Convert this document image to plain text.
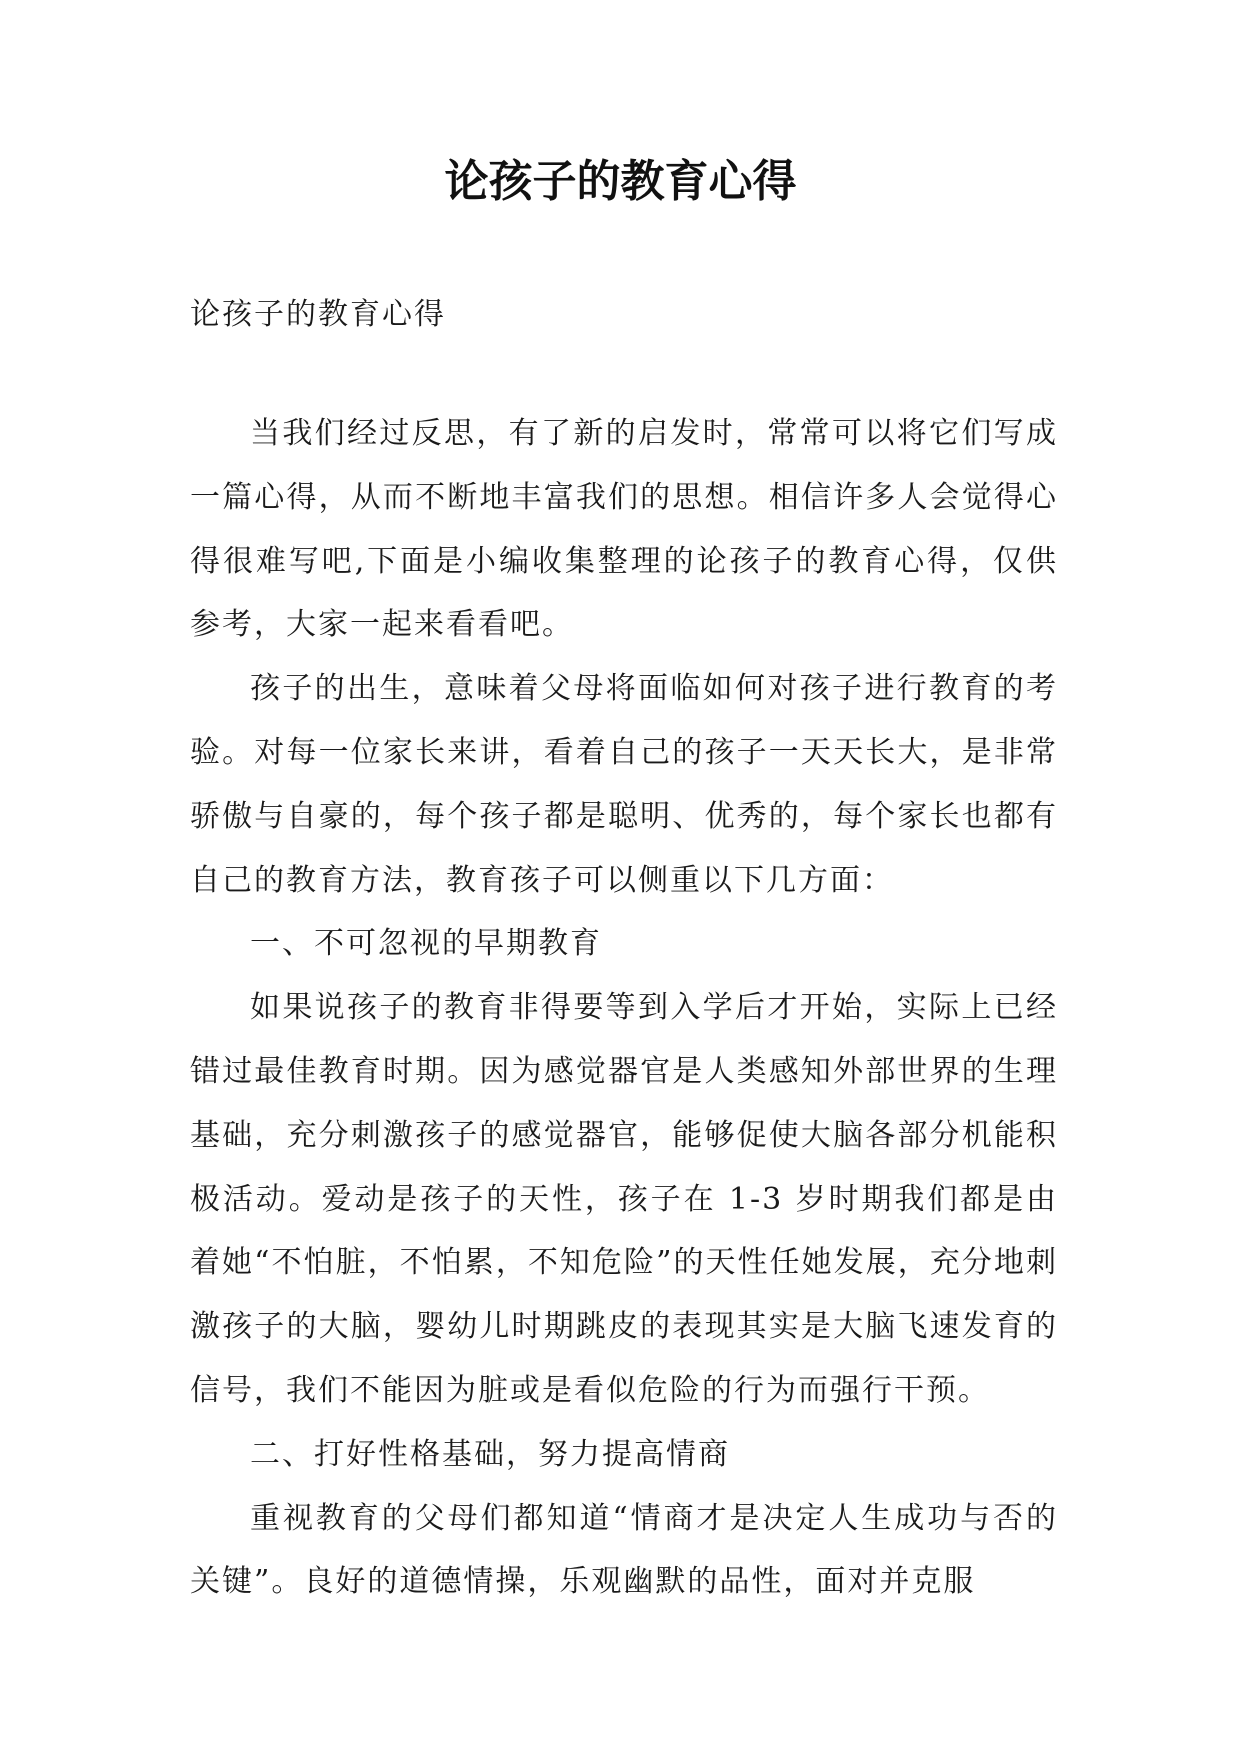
论孩子的教育心得

论孩子的教育心得

当我们经过反思，有了新的启发时，常常可以将它们写成一篇心得，从而不断地丰富我们的思想。相信许多人会觉得心得很难写吧,下面是小编收集整理的论孩子的教育心得，仅供参考，大家一起来看看吧。

孩子的出生，意味着父母将面临如何对孩子进行教育的考验。对每一位家长来讲，看着自己的孩子一天天长大，是非常骄傲与自豪的，每个孩子都是聪明、优秀的，每个家长也都有自己的教育方法，教育孩子可以侧重以下几方面：

一、不可忽视的早期教育

如果说孩子的教育非得要等到入学后才开始，实际上已经错过最佳教育时期。因为感觉器官是人类感知外部世界的生理基础，充分刺激孩子的感觉器官，能够促使大脑各部分机能积极活动。爱动是孩子的天性，孩子在 1-3 岁时期我们都是由着她“不怕脏，不怕累，不知危险”的天性任她发展，充分地刺激孩子的大脑，婴幼儿时期跳皮的表现其实是大脑飞速发育的信号，我们不能因为脏或是看似危险的行为而强行干预。

二、打好性格基础，努力提高情商

重视教育的父母们都知道“情商才是决定人生成功与否的关键”。良好的道德情操，乐观幽默的品性，面对并克服
